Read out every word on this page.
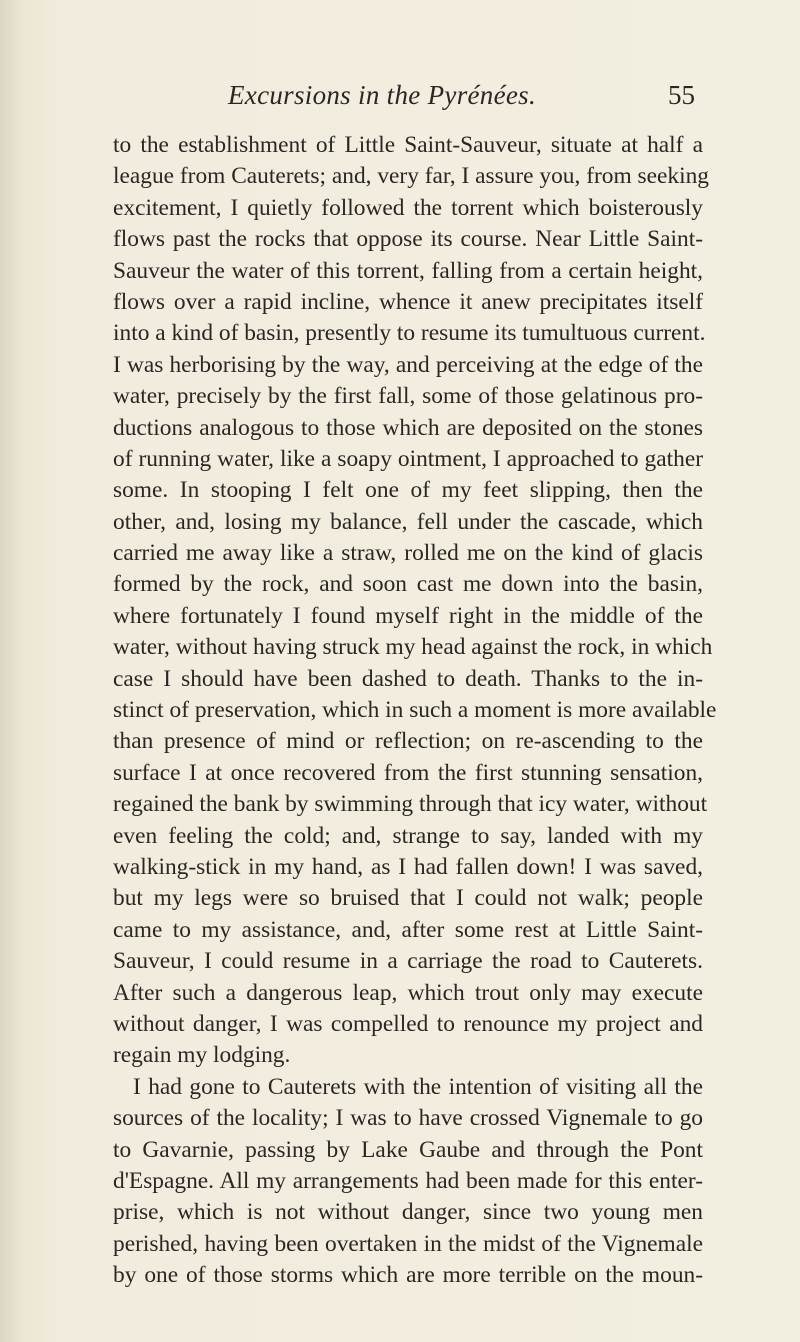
Excursions in the Pyrénées.	55
to the establishment of Little Saint-Sauveur, situate at half a
league from Cauterets; and, very far, I assure you, from seeking
excitement, I quietly followed the torrent which boisterously
flows past the rocks that oppose its course. Near Little Saint-
Sauveur the water of this torrent, falling from a certain height,
flows over a rapid incline, whence it anew precipitates itself
into a kind of basin, presently to resume its tumultuous current.
I was herborising by the way, and perceiving at the edge of the
water, precisely by the first fall, some of those gelatinous pro-
ductions analogous to those which are deposited on the stones
of running water, like a soapy ointment, I approached to gather
some. In stooping I felt one of my feet slipping, then the
other, and, losing my balance, fell under the cascade, which
carried me away like a straw, rolled me on the kind of glacis
formed by the rock, and soon cast me down into the basin,
where fortunately I found myself right in the middle of the
water, without having struck my head against the rock, in which
case I should have been dashed to death. Thanks to the in-
stinct of preservation, which in such a moment is more available
than presence of mind or reflection; on re-ascending to the
surface I at once recovered from the first stunning sensation,
regained the bank by swimming through that icy water, without
even feeling the cold; and, strange to say, landed with my
walking-stick in my hand, as I had fallen down! I was saved,
but my legs were so bruised that I could not walk; people
came to my assistance, and, after some rest at Little Saint-
Sauveur, I could resume in a carriage the road to Cauterets.
After such a dangerous leap, which trout only may execute
without danger, I was compelled to renounce my project and
regain my lodging.
I had gone to Cauterets with the intention of visiting all the
sources of the locality; I was to have crossed Vignemale to go
to Gavarnie, passing by Lake Gaube and through the Pont
d'Espagne. All my arrangements had been made for this enter-
prise, which is not without danger, since two young men
perished, having been overtaken in the midst of the Vignemale
by one of those storms which are more terrible on the moun-
